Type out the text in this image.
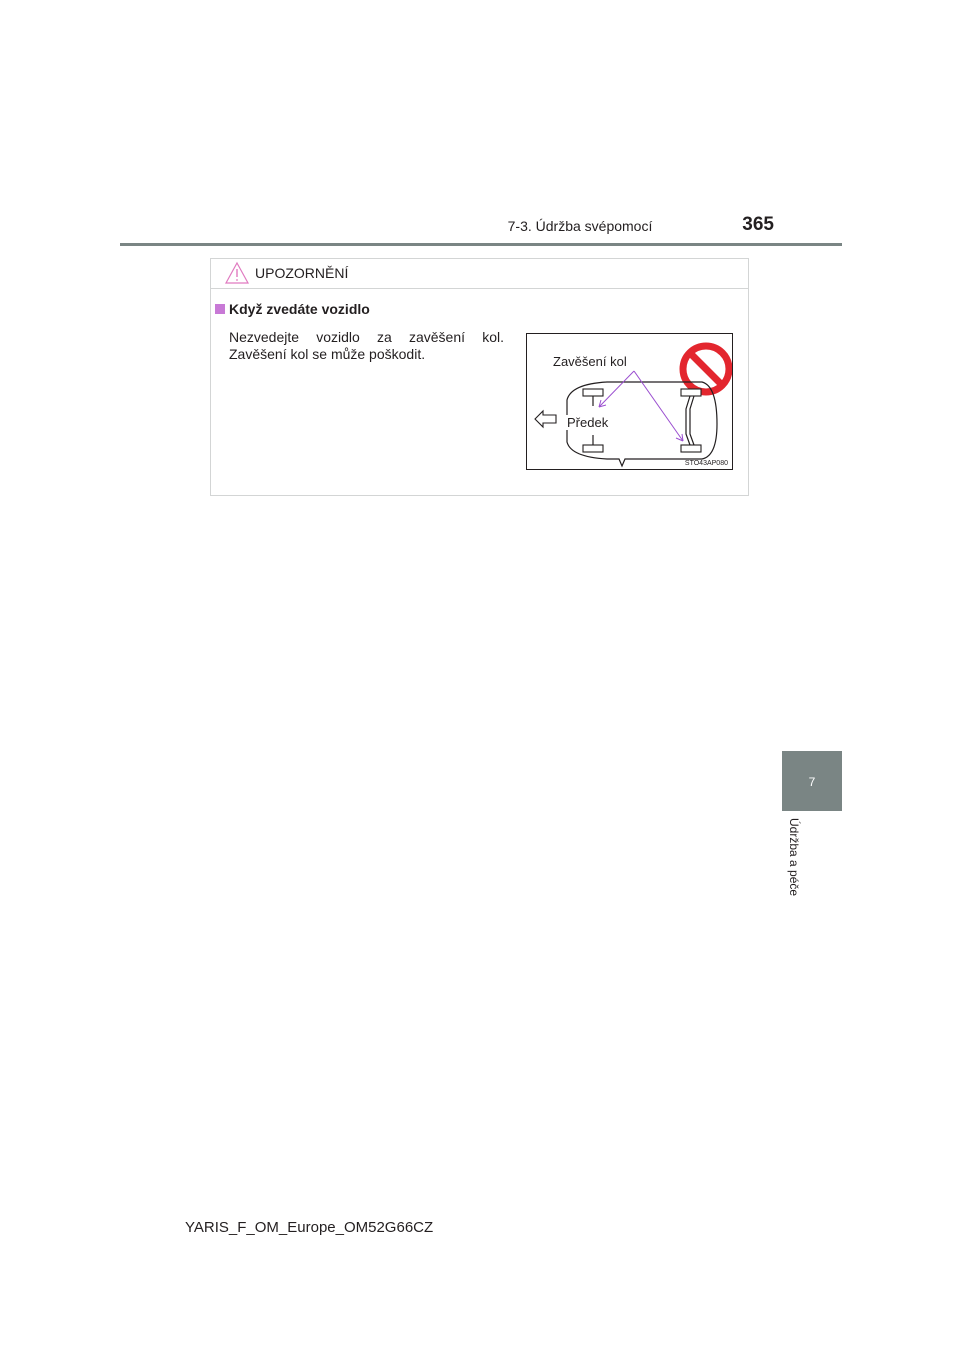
7-3. Údržba svépomocí	365
UPOZORNĚNÍ
Když zvedáte vozidlo
Nezvedejte vozidlo za zavěšení kol. Zavěšení kol se může poškodit.	Zavěšení kol
Předek
STO43AP080
7
Údržba a péče
YARIS_F_OM_Europe_OM52G66CZ
